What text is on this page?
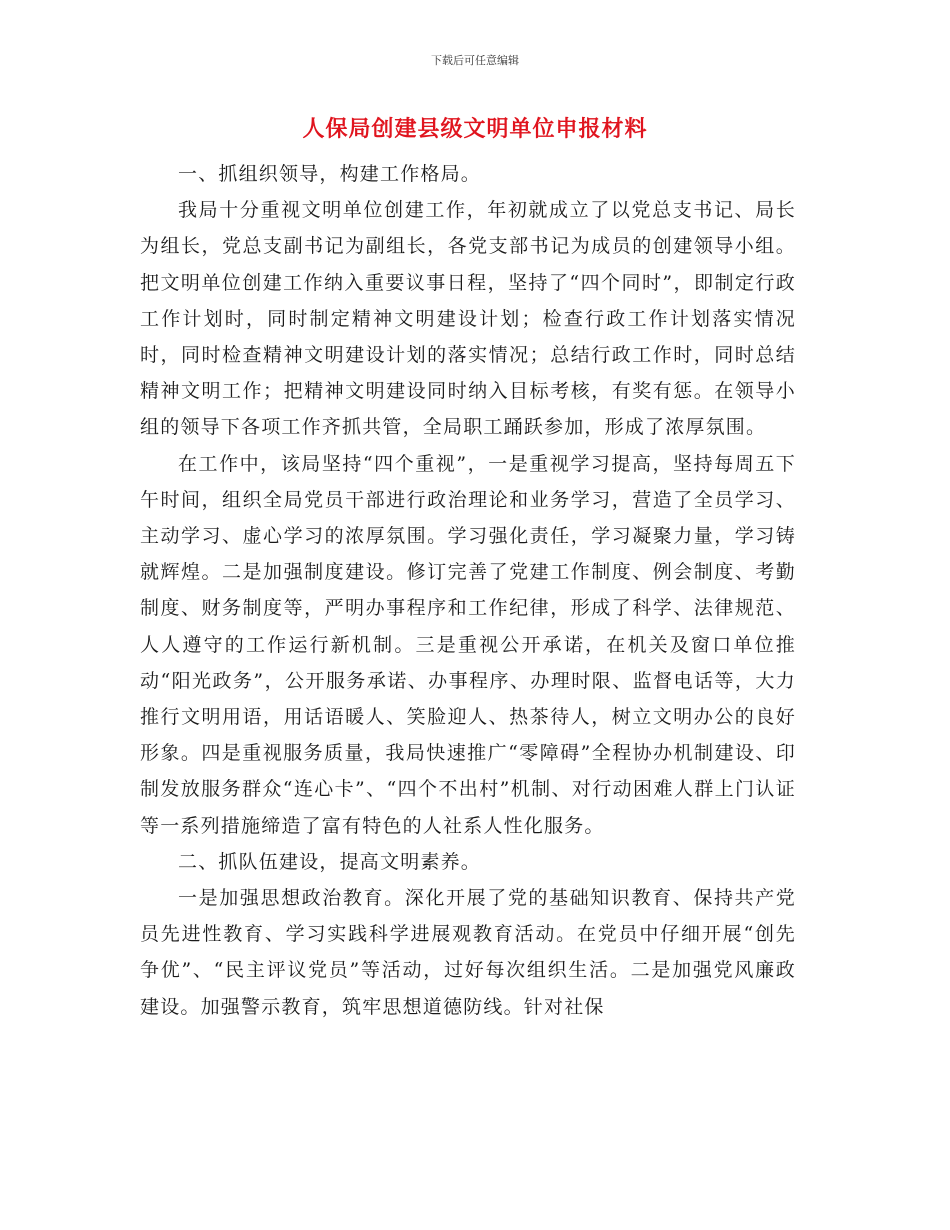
下载后可任意编辑
人保局创建县级文明单位申报材料

一、抓组织领导，构建工作格局。

我局十分重视文明单位创建工作，年初就成立了以党总支书记、局长为组长，党总支副书记为副组长，各党支部书记为成员的创建领导小组。把文明单位创建工作纳入重要议事日程，坚持了“四个同时”，即制定行政工作计划时，同时制定精神文明建设计划；检查行政工作计划落实情况时，同时检查精神文明建设计划的落实情况；总结行政工作时，同时总结精神文明工作；把精神文明建设同时纳入目标考核，有奖有惩。在领导小组的领导下各项工作齐抓共管，全局职工踊跃参加，形成了浓厚氛围。

在工作中，该局坚持“四个重视”，一是重视学习提高，坚持每周五下午时间，组织全局党员干部进行政治理论和业务学习，营造了全员学习、主动学习、虚心学习的浓厚氛围。学习强化责任，学习凝聚力量，学习铸就辉煌。二是加强制度建设。修订完善了党建工作制度、例会制度、考勤制度、财务制度等，严明办事程序和工作纪律，形成了科学、法律规范、人人遵守的工作运行新机制。三是重视公开承诺，在机关及窗口单位推动“阳光政务”，公开服务承诺、办事程序、办理时限、监督电话等，大力推行文明用语，用话语暖人、笑脸迎人、热茶待人，树立文明办公的良好形象。四是重视服务质量，我局快速推广“零障碍”全程协办机制建设、印制发放服务群众“连心卡”、“四个不出村”机制、对行动困难人群上门认证等一系列措施缔造了富有特色的人社系人性化服务。

二、抓队伍建设，提高文明素养。

一是加强思想政治教育。深化开展了党的基础知识教育、保持共产党员先进性教育、学习实践科学进展观教育活动。在党员中仔细开展“创先争优”、“民主评议党员”等活动，过好每次组织生活。二是加强党风廉政建设。加强警示教育，筑牢思想道德防线。针对社保
